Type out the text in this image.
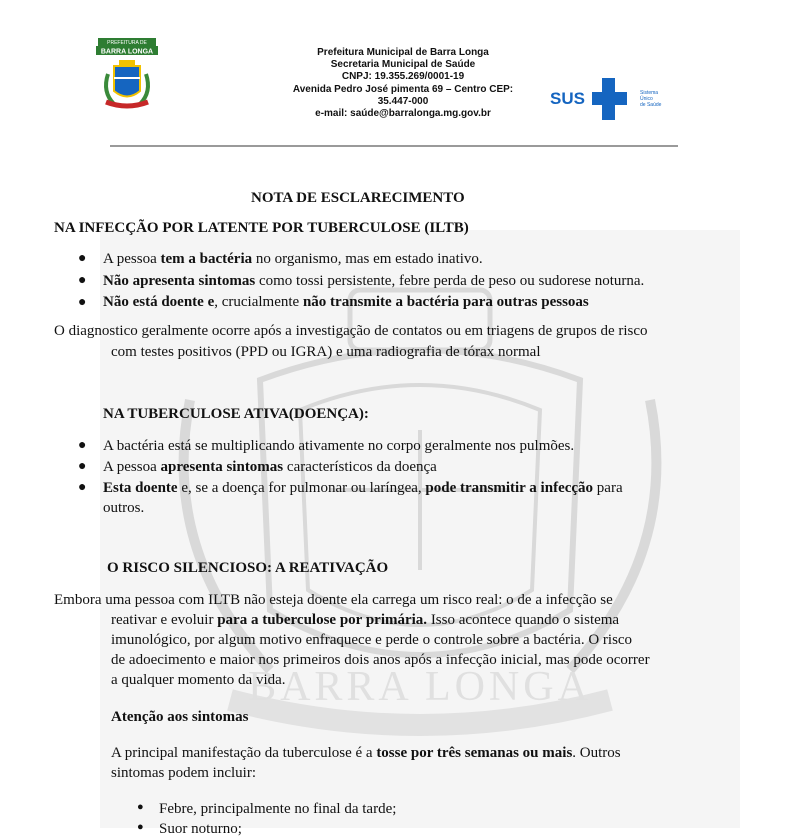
BARRA LONGA
PREFEITURA DE
BARRA LONGA	Prefeitura Municipal de Barra Longa
Secretaria Municipal de Saúde
CNPJ: 19.355.269/0001-19
Avenida Pedro José pimenta 69 – Centro CEP:
35.447-000
e-mail: saúde@barralonga.mg.gov.br
SUS	Sistema
Único
de Saúde
NOTA DE ESCLARECIMENTO
NA INFECÇÃO POR LATENTE POR TUBERCULOSE (ILTB)
● A pessoa tem a bactéria no organismo, mas em estado inativo.
● Não apresenta sintomas como tossi persistente, febre perda de peso ou sudorese noturna.
● Não está doente e, crucialmente não transmite a bactéria para outras pessoas
O diagnostico geralmente ocorre após a investigação de contatos ou em triagens de grupos de risco
com testes positivos (PPD ou IGRA) e uma radiografia de tórax normal
NA TUBERCULOSE ATIVA(DOENÇA):
● A bactéria está se multiplicando ativamente no corpo geralmente nos pulmões.
● A pessoa apresenta sintomas característicos da doença
● Esta doente e, se a doença for pulmonar ou laríngea, pode transmitir a infecção para
outros.
O RISCO SILENCIOSO: A REATIVAÇÃO
Embora uma pessoa com ILTB não esteja doente ela carrega um risco real: o de a infecção se
reativar e evoluir para a tuberculose por primária. Isso acontece quando o sistema
imunológico, por algum motivo enfraquece e perde o controle sobre a bactéria. O risco
de adoecimento e maior nos primeiros dois anos após a infecção inicial, mas pode ocorrer
a qualquer momento da vida.
Atenção aos sintomas
A principal manifestação da tuberculose é a tosse por três semanas ou mais. Outros
sintomas podem incluir:
● Febre, principalmente no final da tarde;
● Suor noturno;
